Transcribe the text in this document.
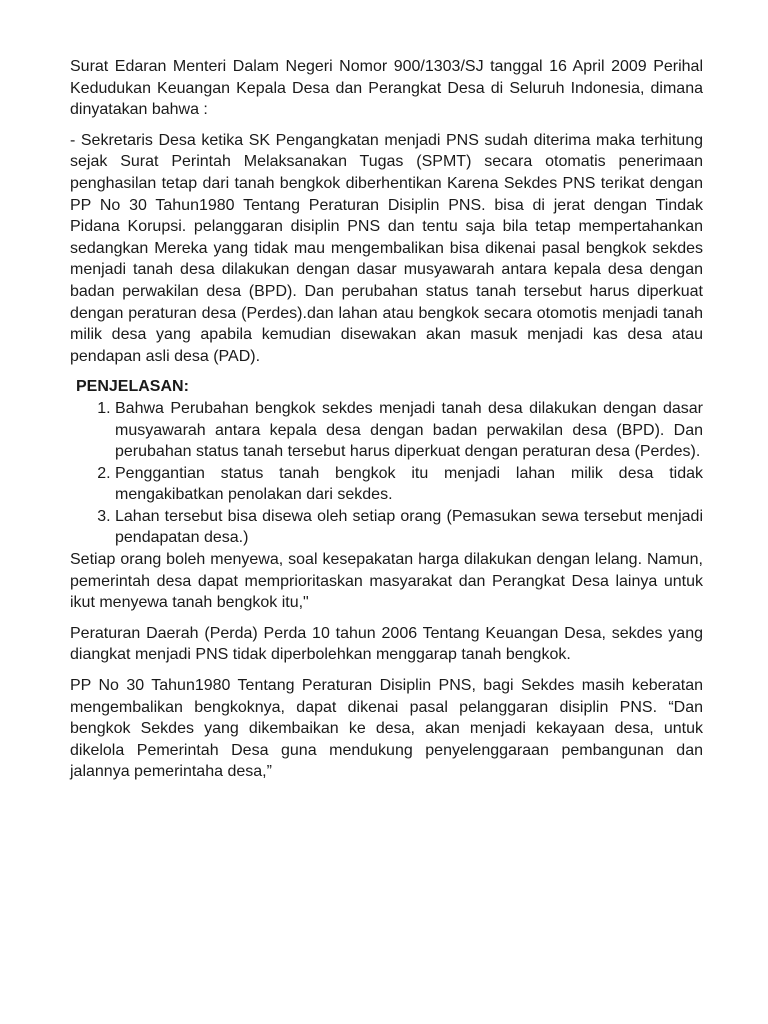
Surat Edaran Menteri Dalam Negeri Nomor 900/1303/SJ tanggal 16 April 2009 Perihal Kedudukan Keuangan Kepala Desa dan Perangkat Desa di Seluruh Indonesia, dimana dinyatakan bahwa :

- Sekretaris Desa ketika SK Pengangkatan menjadi PNS sudah diterima maka terhitung sejak Surat Perintah Melaksanakan Tugas (SPMT) secara otomatis penerimaan penghasilan tetap dari tanah bengkok diberhentikan Karena Sekdes PNS terikat dengan PP No 30 Tahun1980 Tentang Peraturan Disiplin PNS. bisa di jerat dengan Tindak Pidana Korupsi. pelanggaran disiplin PNS dan tentu saja bila tetap mempertahankan sedangkan Mereka yang tidak mau mengembalikan bisa dikenai pasal bengkok sekdes menjadi tanah desa dilakukan dengan dasar musyawarah antara kepala desa dengan badan perwakilan desa (BPD). Dan perubahan status tanah tersebut harus diperkuat dengan peraturan desa (Perdes).dan lahan atau bengkok secara otomotis menjadi tanah milik desa yang apabila kemudian disewakan akan masuk menjadi kas desa atau pendapan asli desa (PAD).

PENJELASAN:

1. Bahwa Perubahan bengkok sekdes menjadi tanah desa dilakukan dengan dasar musyawarah antara kepala desa dengan badan perwakilan desa (BPD). Dan perubahan status tanah tersebut harus diperkuat dengan peraturan desa (Perdes).
2. Penggantian status tanah bengkok itu menjadi lahan milik desa tidak mengakibatkan penolakan dari sekdes.
3. Lahan tersebut bisa disewa oleh setiap orang (Pemasukan sewa tersebut menjadi pendapatan desa.)

Setiap orang boleh menyewa, soal kesepakatan harga dilakukan dengan lelang. Namun, pemerintah desa dapat memprioritaskan masyarakat dan Perangkat Desa lainya untuk ikut menyewa tanah bengkok itu,"

Peraturan Daerah (Perda) Perda 10 tahun 2006 Tentang Keuangan Desa, sekdes yang diangkat menjadi PNS tidak diperbolehkan menggarap tanah bengkok.

PP No 30 Tahun1980 Tentang Peraturan Disiplin PNS, bagi Sekdes masih keberatan mengembalikan bengkoknya, dapat dikenai pasal pelanggaran disiplin PNS. “Dan bengkok Sekdes yang dikembaikan ke desa, akan menjadi kekayaan desa, untuk dikelola Pemerintah Desa guna mendukung penyelenggaraan pembangunan dan jalannya pemerintaha desa,”
